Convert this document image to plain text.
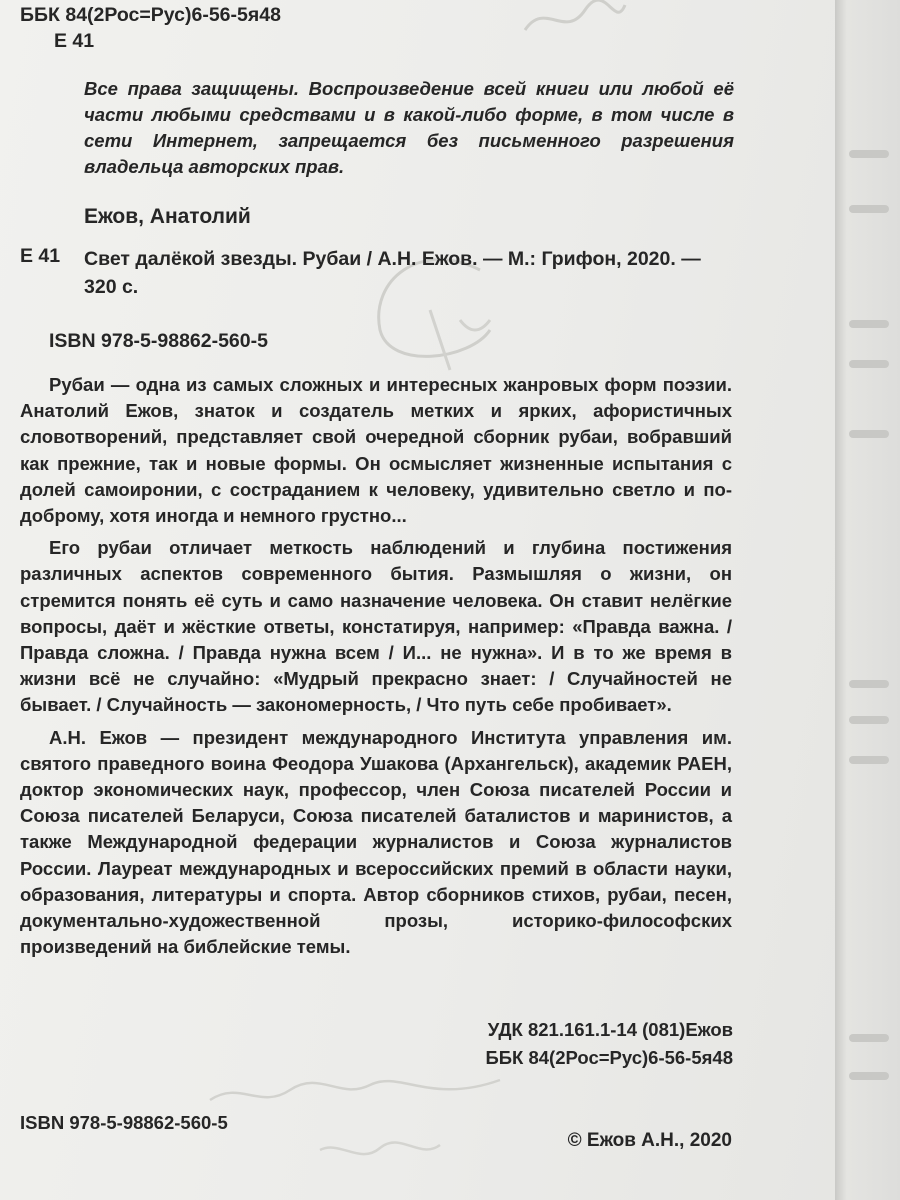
ББК 84(2Рос=Рус)6-56-5я48
Е 41
Все права защищены. Воспроизведение всей книги или любой её части любыми средствами и в какой-либо форме, в том числе в сети Интернет, запрещается без письменного разрешения владельца авторских прав.
Ежов, Анатолий
Е 41 Свет далёкой звезды. Рубаи / А.Н. Ежов. — М.: Грифон, 2020. — 320 с.
ISBN 978-5-98862-560-5

Рубаи — одна из самых сложных и интересных жанровых форм поэзии. Анатолий Ежов, знаток и создатель метких и ярких, афористичных словотворений, представляет свой очередной сборник рубаи, вобравший как прежние, так и новые формы. Он осмысляет жизненные испытания с долей самоиронии, с состраданием к человеку, удивительно светло и по-доброму, хотя иногда и немного грустно...

Его рубаи отличает меткость наблюдений и глубина постижения различных аспектов современного бытия. Размышляя о жизни, он стремится понять её суть и само назначение человека. Он ставит нелёгкие вопросы, даёт и жёсткие ответы, констатируя, например: «Правда важна. / Правда сложна. / Правда нужна всем / И... не нужна». И в то же время в жизни всё не случайно: «Мудрый прекрасно знает: / Случайностей не бывает. / Случайность — закономерность, / Что путь себе пробивает».

А.Н. Ежов — президент международного Института управления им. святого праведного воина Феодора Ушакова (Архангельск), академик РАЕН, доктор экономических наук, профессор, член Союза писателей России и Союза писателей Беларуси, Союза писателей баталистов и маринистов, а также Международной федерации журналистов и Союза журналистов России. Лауреат международных и всероссийских премий в области науки, образования, литературы и спорта. Автор сборников стихов, рубаи, песен, документально-художественной прозы, историко-философских произведений на библейские темы.

УДК 821.161.1-14 (081)Ежов
ББК 84(2Рос=Рус)6-56-5я48
ISBN 978-5-98862-560-5
© Ежов А.Н., 2020
